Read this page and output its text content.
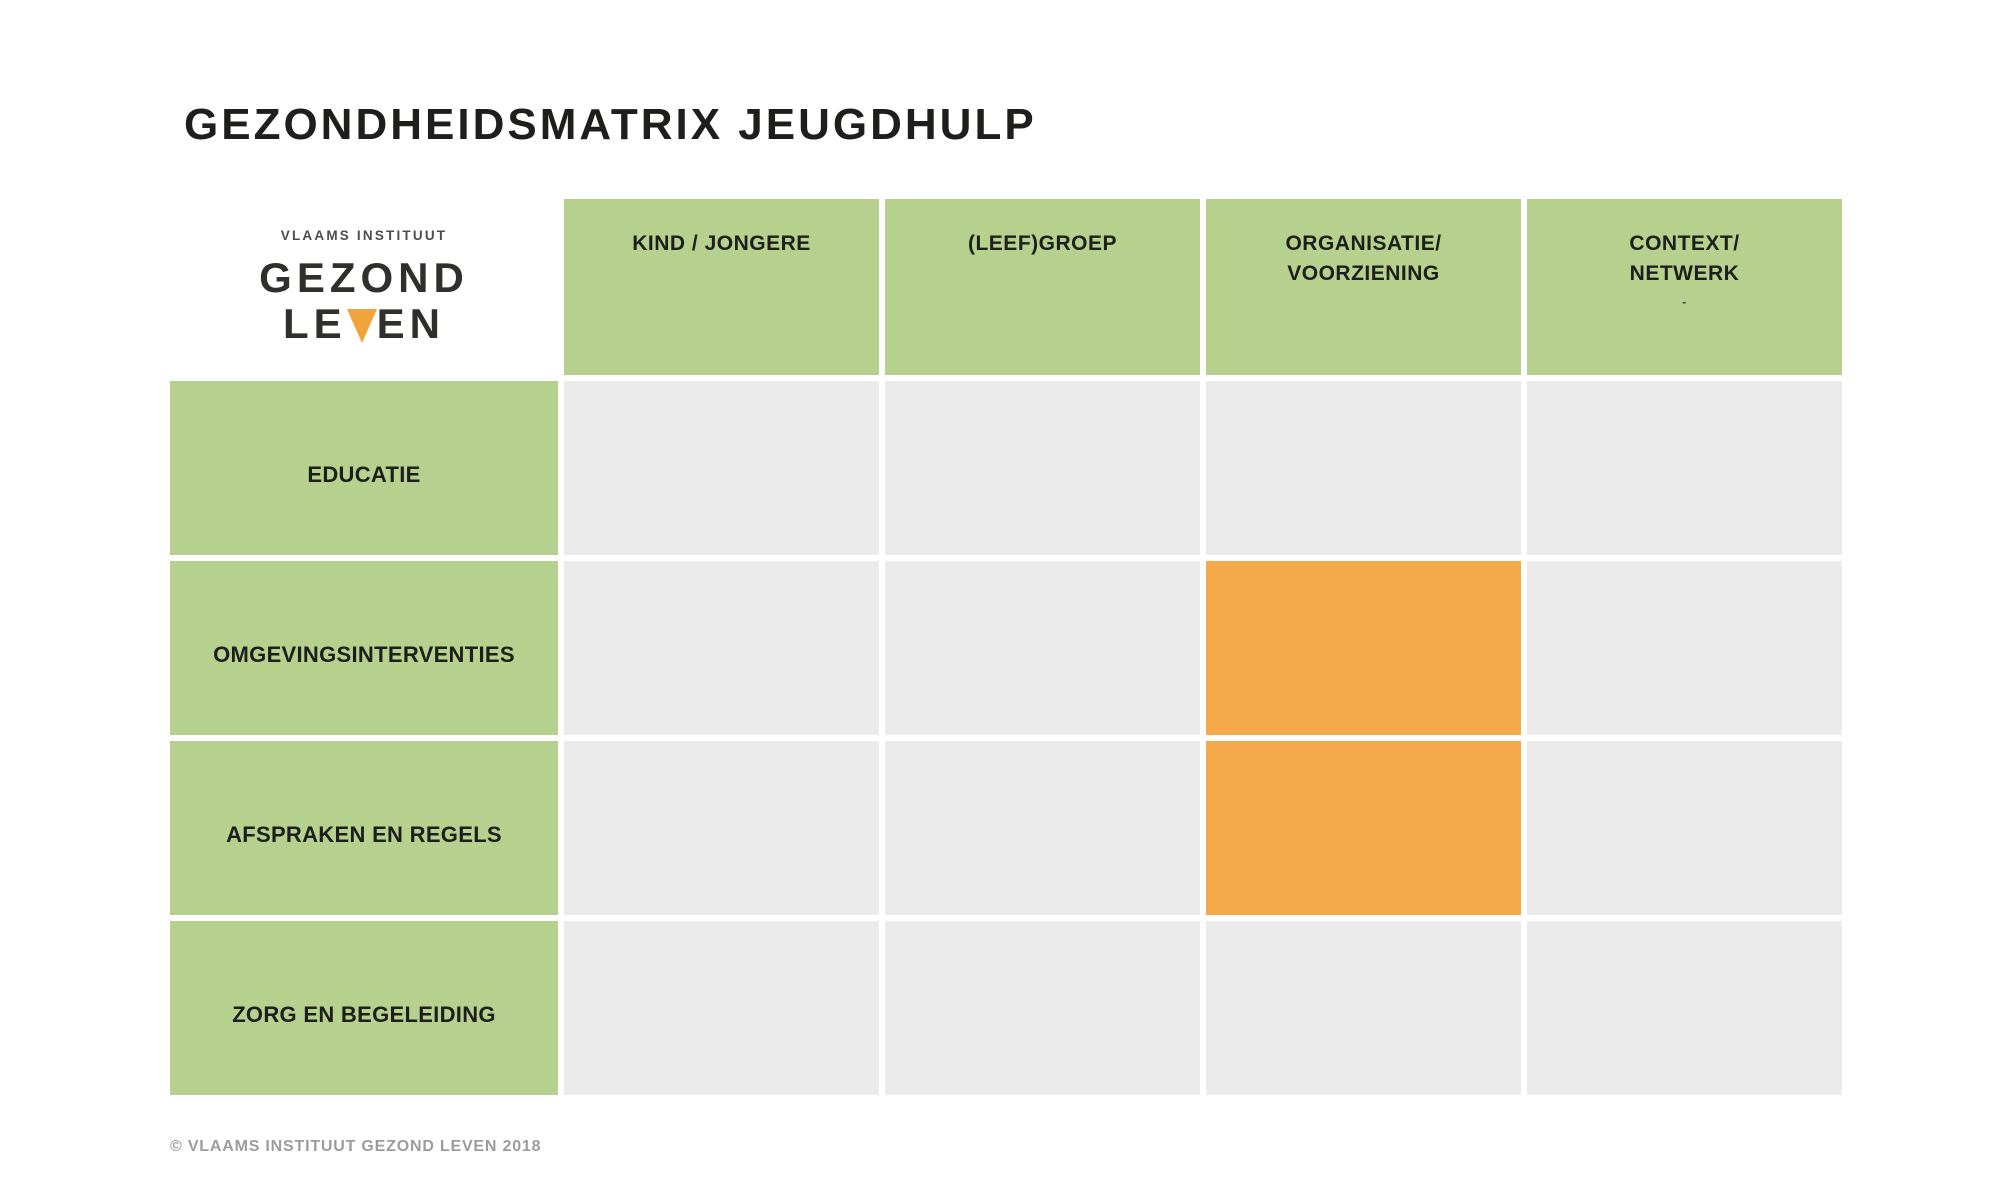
GEZONDHEIDSMATRIX JEUGDHULP
VLAAMS INSTITUUT
GEZOND
LE EN
KIND / JONGERE	(LEEF)GROEP	ORGANISATIE/
VOORZIENING
CONTEXT/
NETWERK
-
EDUCATIE
OMGEVINGSINTERVENTIES
AFSPRAKEN EN REGELS
ZORG EN BEGELEIDING
© VLAAMS INSTITUUT GEZOND LEVEN 2018
